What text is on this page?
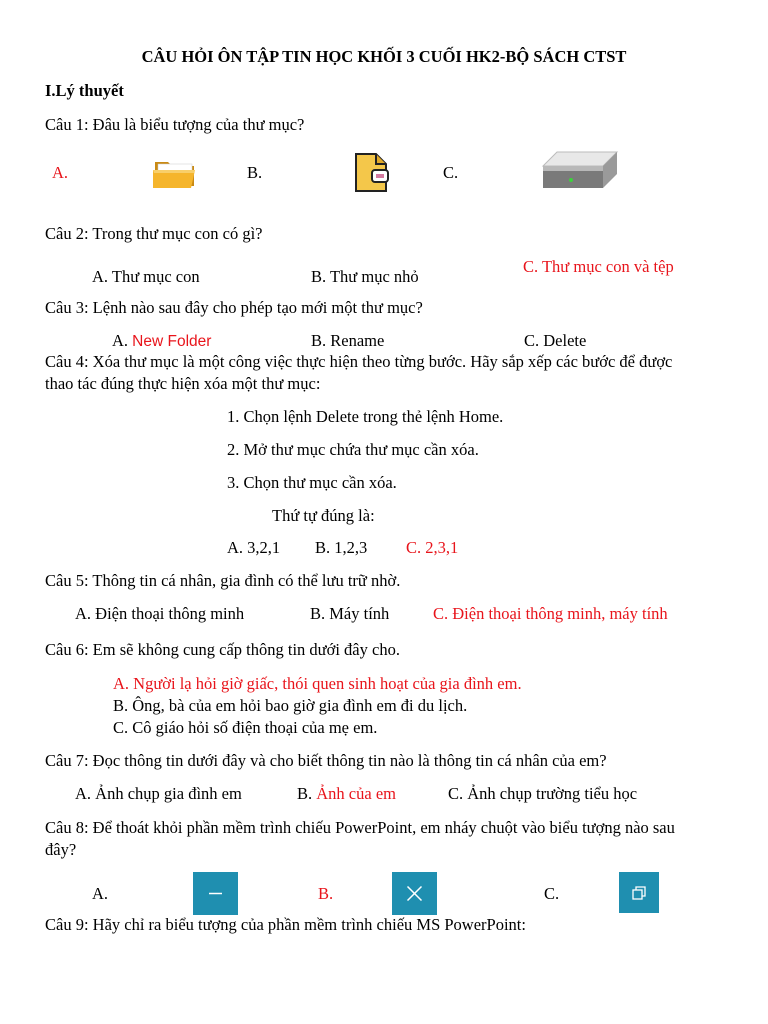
CÂU HỎI ÔN TẬP TIN HỌC KHỐI 3 CUỐI HK2-BỘ SÁCH CTST
I.Lý thuyết
Câu 1: Đâu là biểu tượng của thư mục?
A.	B.	C.
Câu 2: Trong thư mục con có gì?
A. Thư mục con	B. Thư mục nhỏ
C. Thư mục con và tệp
Câu 3: Lệnh nào sau đây cho phép tạo mới một thư mục?
A. New Folder	B. Rename	C. Delete
Câu 4: Xóa thư mục là một công việc thực hiện theo từng bước. Hãy sắp xếp các bước để được
thao tác đúng thực hiện xóa một thư mục:
1. Chọn lệnh Delete trong thẻ lệnh Home.
2. Mở thư mục chứa thư mục cần xóa.
3. Chọn thư mục cần xóa.
Thứ tự đúng là:
A. 3,2,1 B. 1,2,3 C. 2,3,1
Câu 5: Thông tin cá nhân, gia đình có thể lưu trữ nhờ.
A. Điện thoại thông minh	B. Máy tính	C. Điện thoại thông minh, máy tính
Câu 6: Em sẽ không cung cấp thông tin dưới đây cho.
A. Người lạ hỏi giờ giấc, thói quen sinh hoạt của gia đình em.
B. Ông, bà của em hỏi bao giờ gia đình em đi du lịch.
C. Cô giáo hỏi số điện thoại của mẹ em.
Câu 7: Đọc thông tin dưới đây và cho biết thông tin nào là thông tin cá nhân của em?
A. Ảnh chụp gia đình em	B. Ảnh của em	C. Ảnh chụp trường tiểu học
Câu 8: Để thoát khỏi phần mềm trình chiếu PowerPoint, em nháy chuột vào biểu tượng nào sau
đây?
A.	B.	C.
Câu 9: Hãy chỉ ra biểu tượng của phần mềm trình chiếu MS PowerPoint:
